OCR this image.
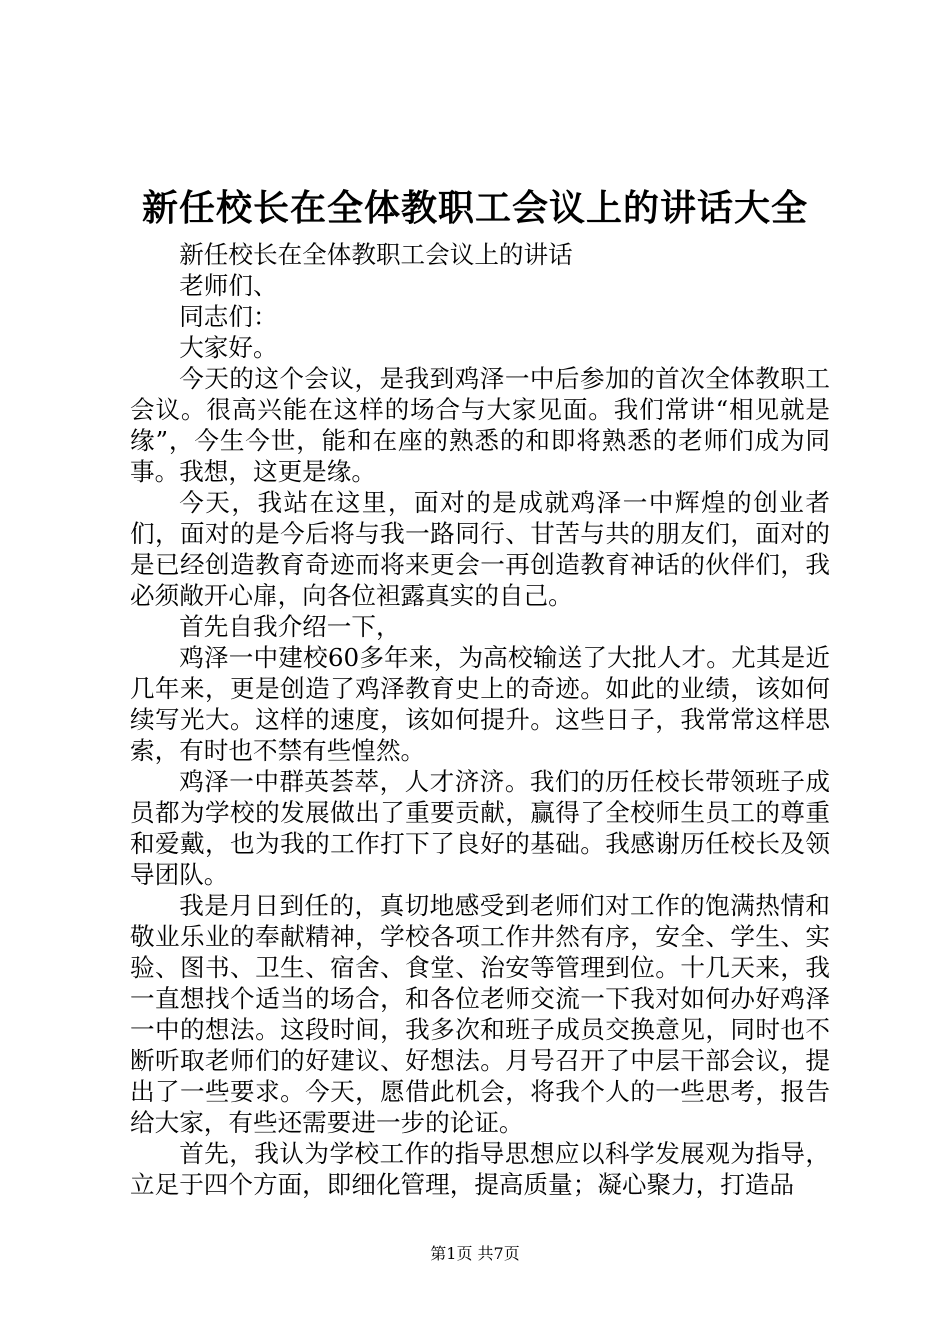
新任校长在全体教职工会议上的讲话大全

新任校长在全体教职工会议上的讲话

老师们、

同志们：

大家好。

今天的这个会议，是我到鸡泽一中后参加的首次全体教职工会议。很高兴能在这样的场合与大家见面。我们常讲“相见就是缘”，今生今世，能和在座的熟悉的和即将熟悉的老师们成为同事。我想，这更是缘。

今天，我站在这里，面对的是成就鸡泽一中辉煌的创业者们，面对的是今后将与我一路同行、甘苦与共的朋友们，面对的是已经创造教育奇迹而将来更会一再创造教育神话的伙伴们，我必须敞开心扉，向各位袒露真实的自己。

首先自我介绍一下，

鸡泽一中建校60多年来，为高校输送了大批人才。尤其是近几年来，更是创造了鸡泽教育史上的奇迹。如此的业绩，该如何续写光大。这样的速度，该如何提升。这些日子，我常常这样思索，有时也不禁有些惶然。

鸡泽一中群英荟萃，人才济济。我们的历任校长带领班子成员都为学校的发展做出了重要贡献，赢得了全校师生员工的尊重和爱戴，也为我的工作打下了良好的基础。我感谢历任校长及领导团队。

我是月日到任的，真切地感受到老师们对工作的饱满热情和敬业乐业的奉献精神，学校各项工作井然有序，安全、学生、实验、图书、卫生、宿舍、食堂、治安等管理到位。十几天来，我一直想找个适当的场合，和各位老师交流一下我对如何办好鸡泽一中的想法。这段时间，我多次和班子成员交换意见，同时也不断听取老师们的好建议、好想法。月号召开了中层干部会议，提出了一些要求。今天，愿借此机会，将我个人的一些思考，报告给大家，有些还需要进一步的论证。

首先，我认为学校工作的指导思想应以科学发展观为指导，立足于四个方面，即细化管理，提高质量；凝心聚力，打造品

第1页 共7页
